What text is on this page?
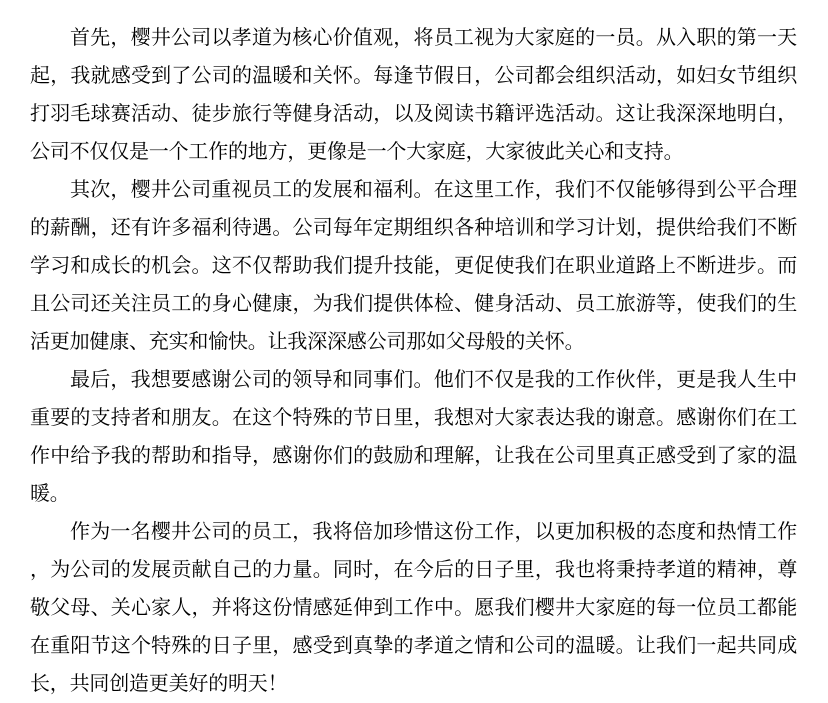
首先，樱井公司以孝道为核心价值观，将员工视为大家庭的一员。从入职的第一天起，我就感受到了公司的温暖和关怀。每逢节假日，公司都会组织活动，如妇女节组织打羽毛球赛活动、徒步旅行等健身活动，以及阅读书籍评选活动。这让我深深地明白，公司不仅仅是一个工作的地方，更像是一个大家庭，大家彼此关心和支持。

其次，樱井公司重视员工的发展和福利。在这里工作，我们不仅能够得到公平合理的薪酬，还有许多福利待遇。公司每年定期组织各种培训和学习计划，提供给我们不断学习和成长的机会。这不仅帮助我们提升技能，更促使我们在职业道路上不断进步。而且公司还关注员工的身心健康，为我们提供体检、健身活动、员工旅游等，使我们的生活更加健康、充实和愉快。让我深深感公司那如父母般的关怀。

最后，我想要感谢公司的领导和同事们。他们不仅是我的工作伙伴，更是我人生中重要的支持者和朋友。在这个特殊的节日里，我想对大家表达我的谢意。感谢你们在工作中给予我的帮助和指导，感谢你们的鼓励和理解，让我在公司里真正感受到了家的温暖。

作为一名樱井公司的员工，我将倍加珍惜这份工作，以更加积极的态度和热情工作，为公司的发展贡献自己的力量。同时，在今后的日子里，我也将秉持孝道的精神，尊敬父母、关心家人，并将这份情感延伸到工作中。愿我们樱井大家庭的每一位员工都能在重阳节这个特殊的日子里，感受到真挚的孝道之情和公司的温暖。让我们一起共同成长，共同创造更美好的明天！
